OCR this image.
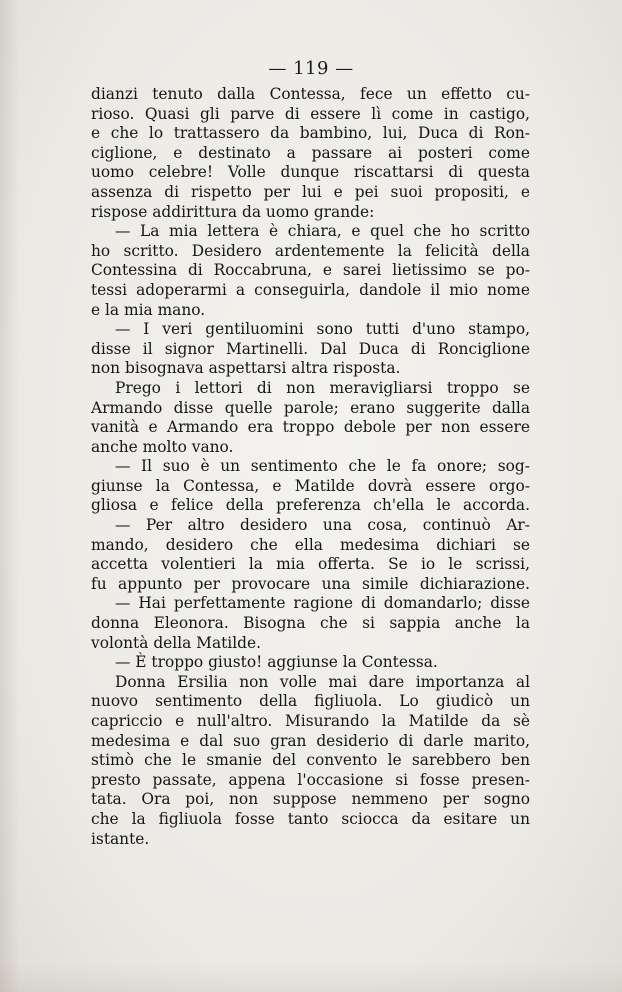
— 119 —
dianzi tenuto dalla Contessa, fece un effetto cu-
rioso. Quasi gli parve di essere lì come in castigo,
e che lo trattassero da bambino, lui, Duca di Ron-
ciglione, e destinato a passare ai posteri come
uomo celebre! Volle dunque riscattarsi di questa
assenza di rispetto per lui e pei suoi propositi, e
rispose addirittura da uomo grande:
— La mia lettera è chiara, e quel che ho scritto
ho scritto. Desidero ardentemente la felicità della
Contessina di Roccabruna, e sarei lietissimo se po-
tessi adoperarmi a conseguirla, dandole il mio nome
e la mia mano.
— I veri gentiluomini sono tutti d'uno stampo,
disse il signor Martinelli. Dal Duca di Ronciglione
non bisognava aspettarsi altra risposta.
Prego i lettori di non meravigliarsi troppo se
Armando disse quelle parole; erano suggerite dalla
vanità e Armando era troppo debole per non essere
anche molto vano.
— Il suo è un sentimento che le fa onore; sog-
giunse la Contessa, e Matilde dovrà essere orgo-
gliosa e felice della preferenza ch'ella le accorda.
— Per altro desidero una cosa, continuò Ar-
mando, desidero che ella medesima dichiari se
accetta volentieri la mia offerta. Se io le scrissi,
fu appunto per provocare una simile dichiarazione.
— Hai perfettamente ragione di domandarlo; disse
donna Eleonora. Bisogna che si sappia anche la
volontà della Matilde.
— È troppo giusto! aggiunse la Contessa.
Donna Ersilia non volle mai dare importanza al
nuovo sentimento della figliuola. Lo giudicò un
capriccio e null'altro. Misurando la Matilde da sè
medesima e dal suo gran desiderio di darle marito,
stimò che le smanie del convento le sarebbero ben
presto passate, appena l'occasione si fosse presen-
tata. Ora poi, non suppose nemmeno per sogno
che la figliuola fosse tanto sciocca da esitare un
istante.
